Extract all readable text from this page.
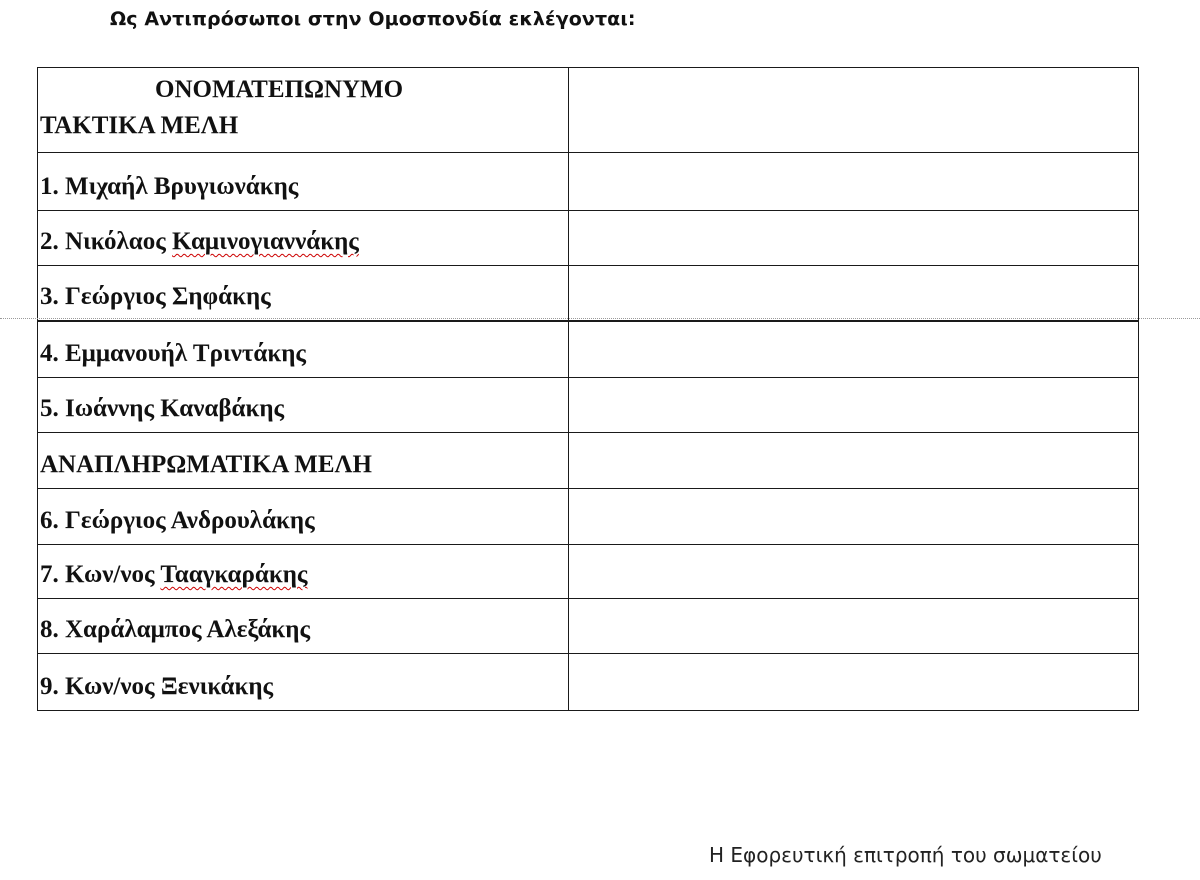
Ως Αντιπρόσωποι στην Ομοσπονδία εκλέγονται:
ΟΝΟΜΑΤΕΠΩΝΥΜΟ
ΤΑΚΤΙΚΑ ΜΕΛΗ	

1. Μιχαήλ Βρυγιωνάκης	
2. Νικόλαος Καμινογιαννάκης	
3. Γεώργιος Σηφάκης	
4. Εμμανουήλ Τριντάκης	
5. Ιωάννης Καναβάκης	
ΑΝΑΠΛΗΡΩΜΑΤΙΚΑ ΜΕΛΗ	
6. Γεώργιος Ανδρουλάκης	
7. Κων/νος Τααγκαράκης	
8. Χαράλαμπος Αλεξάκης	
9. Κων/νος Ξενικάκης	
Η Εφορευτική επιτροπή του σωματείου
